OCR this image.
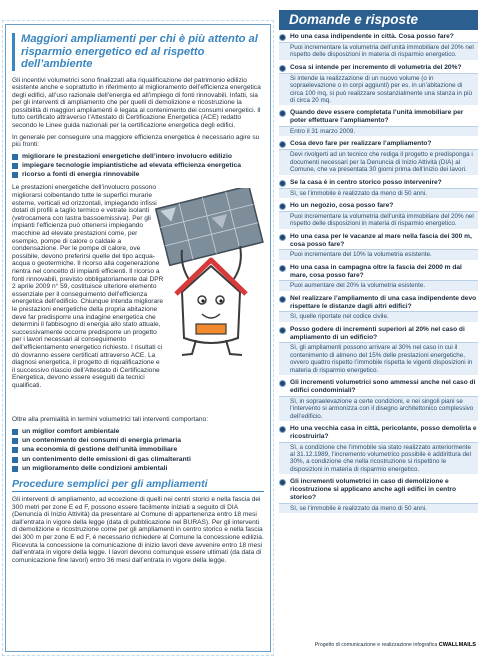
Maggiori ampliamenti per chi è più attento al risparmio energetico ed al rispetto dell’ambiente

Gli incentivi volumetrici sono finalizzati alla riqualificazione del patrimonio edilizio esistente anche e soprattutto in riferimento al miglioramento dell’efficienza energetica degli edifici, all’uso razionale dell’energia ed all’impiego di fonti rinnovabili. Infatti, sia per gli interventi di ampliamento che per quelli di demolizione e ricostruzione la possibilità di maggiori ampliamenti è legata al contenimento dei consumi energetici. Il tutto certificato attraverso l’Attestato di Certificazione Energetica (ACE) redatto secondo le Linee guida nazionali per la certificazione energetica degli edifici.

In generale per conseguire una maggiore efficienza energetica è necessario agire su più fronti:

migliorare le prestazioni energetiche dell’intero involucro edilizio
impiegare tecnologie impiantistiche ad elevata efficienza energetica
ricorso a fonti di energia rinnovabile

Le prestazioni energetiche dell’involucro possono migliorarsi coibentando tutte le superfici murarie esterne, verticali ed orizzontali, impiegando infissi dotati di profili a taglio termico e vetrate isolanti (vetrocamera con lastra bassoemissiva). Per gli impianti l’efficienza può ottenersi impiegando macchine ad elevate prestazioni come, per esempio, pompe di calore o caldaie a condensazione. Per le pompe di calore, ove possibile, devono preferirsi quelle del tipo acqua-acqua o geotermiche. Il ricorso alla cogenerazione rientra nel concetto di impianti efficienti. Il ricorso a fonti rinnovabili, previsto obbligatoriamente dal DPR 2 aprile 2009 n° 59, costituisce ulteriore elemento essenziale per il conseguimento dell’efficienza energetica dell’edificio. Chiunque intenda migliorare le prestazioni energetiche della propria abitazione deve far predisporre una indagine energetica che determini il fabbisogno di energia allo stato attuale, successivamente occorre predisporre un progetto per i lavori necessari al conseguimento dell’efficientamento energetico richiesto. I risultati ci dò dovranno essere certificati attraverso ACE. La diagnosi energetica, il progetto di riqualificazione e il successivo rilascio dell’Attestato di Certificazione Energetica, devono essere eseguiti da tecnici qualificati.

Oltre alla premialità in termini volumetrici tali interventi comportano:

un miglior comfort ambientale
un contenimento dei consumi di energia primaria
una economia di gestione dell’unità immobiliare
un contenimento delle emissioni di gas climalteranti
un miglioramento delle condizioni ambientali
Procedure semplici per gli ampliamenti

Gli interventi di ampliamento, ad eccezione di quelli nei centri storici e nella fascia dei 300 metri per zone E ed F, possono essere facilmente iniziati a seguito di DIA (Denuncia di Inizio Attività) da presentare al Comune di appartenenza entro 18 mesi dall’entrata in vigore della legge (data di pubblicazione nel BURAS). Per gli interventi di demolizione e ricostruzione come per gli ampliamenti in centro storico e nella fascia dei 300 m per zone E ed F, è necessario richiedere al Comune la concessione edilizia. Ricevuta la concessione la comunicazione di inizio lavori deve avvenire entro 18 mesi dall’entrata in vigore della legge. I lavori devono comunque essere ultimati (da data di comunicazione fine lavori) entro 36 mesi dall’entrata in vigore della legge.

Domande e risposte
Ho una casa indipendente in città. Cosa posso fare?
Puoi incrementare la volumetria dell’unità immobiliare del 20% nel rispetto delle disposizioni in materia di risparmio energetico.
Cosa si intende per incremento di volumetria del 20%?
Si intende la realizzazione di un nuovo volume (o in sopraelevazione o in corpi aggiunti) per es. in un’abitazione di circa 100 mq, si può realizzare sostanzialmente una stanza in più di circa 20 mq.
Quando deve essere completata l’unità immobiliare per poter effettuare l’ampliamento?
Entro il 31 marzo 2009.
Cosa devo fare per realizzare l’ampliamento?
Devi rivolgerti ad un tecnico che rediga il progetto e predisponga i documenti necessari per la Denuncia di Inizio Attività (DIA) al Comune, che va presentata 30 giorni prima dell’inizio dei lavori.
Se la casa è in centro storico posso intervenire?
Sì, se l’immobile è realizzato da meno di 50 anni.
Ho un negozio, cosa posso fare?
Puoi incrementare la volumetria dell’unità immobiliare del 20% nel rispetto delle disposizioni in materia di risparmio energetico.
Ho una casa per le vacanze al mare nella fascia dei 300 m, cosa posso fare?
Puoi incrementare del 10% la volumetria esistente.
Ho una casa in campagna oltre la fascia dei 2000 m dal mare, cosa posso fare?
Puoi aumentare del 20% la volumetria esistente.
Nel realizzare l’ampliamento di una casa indipendente devo rispettare le distanze dagli altri edifici?
Sì, quelle riportate nel codice civile.
Posso godere di incrementi superiori al 20% nel caso di ampliamento di un edificio?
Sì, gli ampliamenti possono arrivare al 30% nel caso in cui il contenimento di almeno del 15% delle prestazioni energetiche, ovvero quattro rispetto l’immobile rispetta le vigenti disposizioni in materia di risparmio energetico.
Gli incrementi volumetrici sono ammessi anche nel caso di edifici condominiali?
Sì, in sopraelevazione a certe condizioni, e nei singoli piani se l’intervento si armonizza con il disegno architettonico complessivo dell’edificio.
Ho una vecchia casa in città, pericolante, posso demolirla e ricostruirla?
Sì, a condizione che l’immobile sia stato realizzato anteriormente al 31.12.1989, l’incremento volumetrico possibile è addirittura del 30%, a condizione che nella ricostruzione si rispettino le disposizioni in materia di risparmio energetico.
Gli incrementi volumetrici in caso di demolizione e ricostruzione si applicano anche agli edifici in centro storico?
Sì, se l’immobile è realizzato da meno di 50 anni.
Progetto di comunicazione e realizzazione infografica CWALLMAILS
